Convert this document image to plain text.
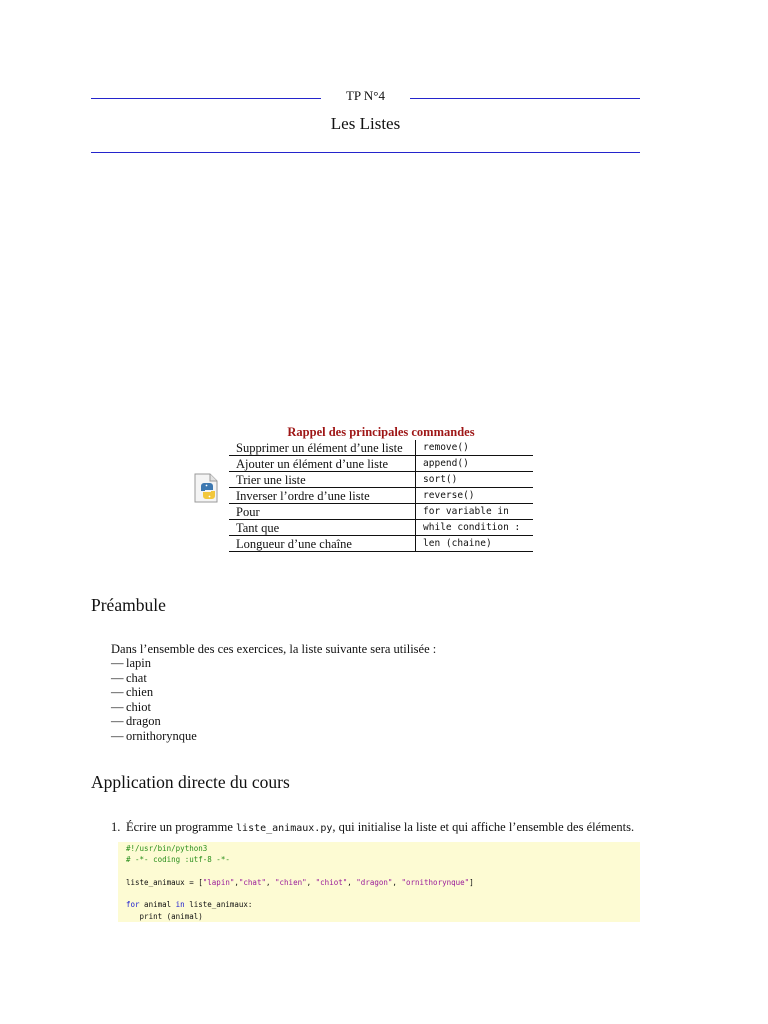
TP N°4
Les Listes
Rappel des principales commandes
Supprimer un élément d’une liste	remove()
Ajouter un élément d’une liste	append()
Trier une liste	sort()
Inverser l’ordre d’une liste	reverse()
Pour	for variable in
Tant que	while condition :
Longueur d’une chaîne	len (chaine)
Préambule
Dans l’ensemble des ces exercices, la liste suivante sera utilisée :
— lapin
— chat
— chien
— chiot
— dragon
— ornithorynque
Application directe du cours
1. Écrire un programme liste_animaux.py, qui initialise la liste et qui affiche l’ensemble des éléments.
#!/usr/bin/python3
# -*- coding :utf-8 -*-
liste_animaux = ["lapin","chat", "chien", "chiot", "dragon", "ornithorynque"]
for animal in liste_animaux:
print (animal)
